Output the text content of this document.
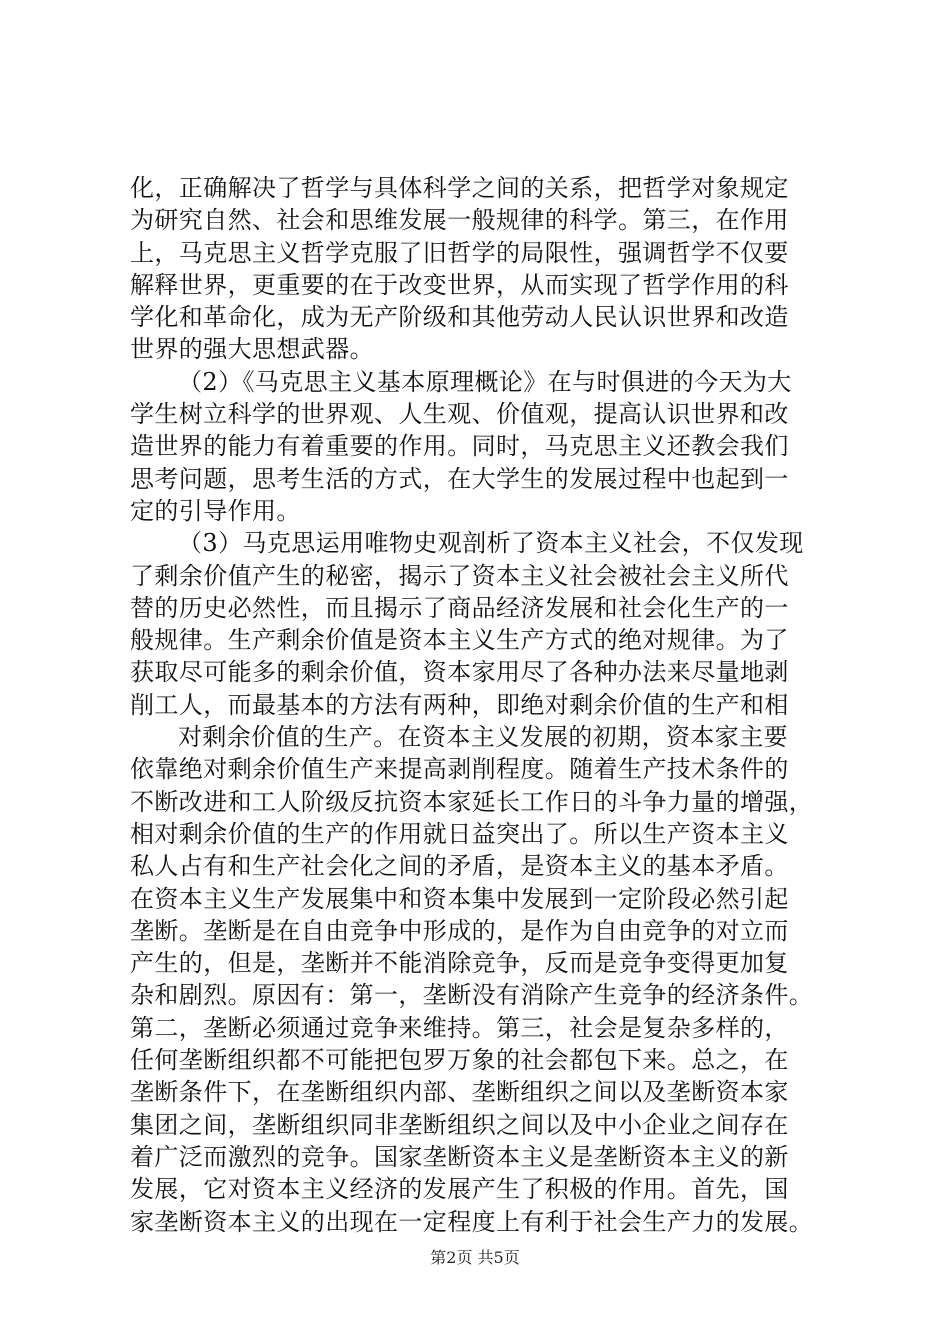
化，正确解决了哲学与具体科学之间的关系，把哲学对象规定
为研究自然、社会和思维发展一般规律的科学。第三，在作用
上，马克思主义哲学克服了旧哲学的局限性，强调哲学不仅要
解释世界，更重要的在于改变世界，从而实现了哲学作用的科
学化和革命化，成为无产阶级和其他劳动人民认识世界和改造
世界的强大思想武器。
（2）《马克思主义基本原理概论》在与时俱进的今天为大
学生树立科学的世界观、人生观、价值观，提高认识世界和改
造世界的能力有着重要的作用。同时，马克思主义还教会我们
思考问题，思考生活的方式，在大学生的发展过程中也起到一
定的引导作用。
（3）马克思运用唯物史观剖析了资本主义社会，不仅发现
了剩余价值产生的秘密，揭示了资本主义社会被社会主义所代
替的历史必然性，而且揭示了商品经济发展和社会化生产的一
般规律。生产剩余价值是资本主义生产方式的绝对规律。为了
获取尽可能多的剩余价值，资本家用尽了各种办法来尽量地剥
削工人，而最基本的方法有两种，即绝对剩余价值的生产和相
对剩余价值的生产。在资本主义发展的初期，资本家主要
依靠绝对剩余价值生产来提高剥削程度。随着生产技术条件的
不断改进和工人阶级反抗资本家延长工作日的斗争力量的增强，
相对剩余价值的生产的作用就日益突出了。所以生产资本主义
私人占有和生产社会化之间的矛盾，是资本主义的基本矛盾。
在资本主义生产发展集中和资本集中发展到一定阶段必然引起
垄断。垄断是在自由竞争中形成的，是作为自由竞争的对立而
产生的，但是，垄断并不能消除竞争，反而是竞争变得更加复
杂和剧烈。原因有：第一，垄断没有消除产生竞争的经济条件。
第二，垄断必须通过竞争来维持。第三，社会是复杂多样的，
任何垄断组织都不可能把包罗万象的社会都包下来。总之，在
垄断条件下，在垄断组织内部、垄断组织之间以及垄断资本家
集团之间，垄断组织同非垄断组织之间以及中小企业之间存在
着广泛而激烈的竞争。国家垄断资本主义是垄断资本主义的新
发展，它对资本主义经济的发展产生了积极的作用。首先，国
家垄断资本主义的出现在一定程度上有利于社会生产力的发展。
第2页 共5页
